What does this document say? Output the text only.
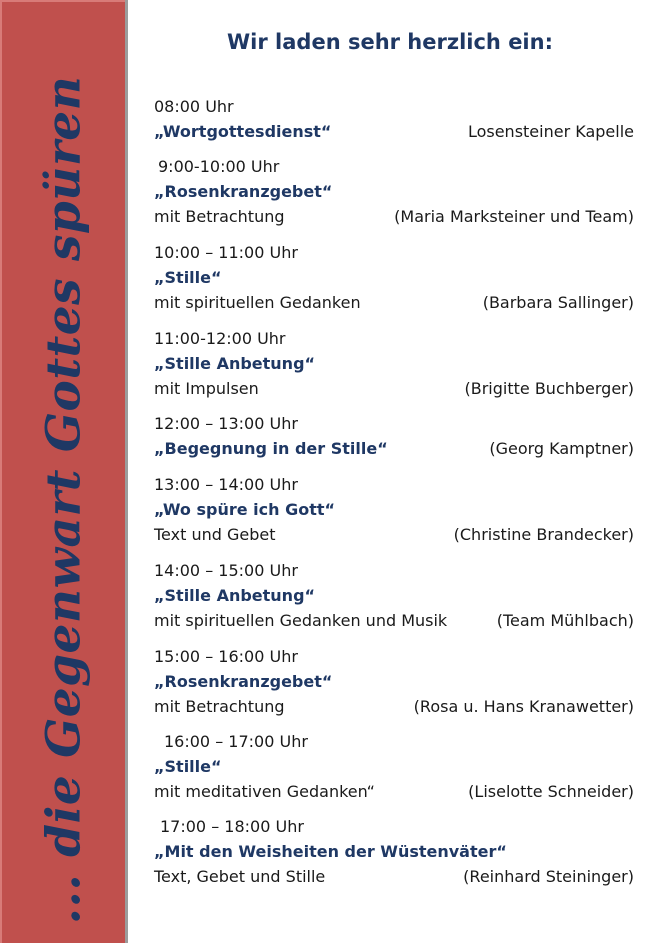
... die Gegenwart Gottes spüren
Wir laden sehr herzlich ein:
08:00 Uhr
„Wortgottesdienst“	Losensteiner Kapelle
9:00-10:00 Uhr
„Rosenkranzgebet“
mit Betrachtung	(Maria Marksteiner und Team)
10:00 – 11:00 Uhr
„Stille“
mit spirituellen Gedanken	(Barbara Sallinger)
11:00-12:00 Uhr
„Stille Anbetung“
mit Impulsen	(Brigitte Buchberger)
12:00 – 13:00 Uhr
„Begegnung in der Stille“	(Georg Kamptner)
13:00 – 14:00 Uhr
„Wo spüre ich Gott“
Text und Gebet	(Christine Brandecker)
14:00 – 15:00 Uhr
„Stille Anbetung“
mit spirituellen Gedanken und Musik	(Team Mühlbach)
15:00 – 16:00 Uhr
„Rosenkranzgebet“
mit Betrachtung	(Rosa u. Hans Kranawetter)
16:00 – 17:00 Uhr
„Stille“
mit meditativen Gedanken“	(Liselotte Schneider)
17:00 – 18:00 Uhr
„Mit den Weisheiten der Wüstenväter“
Text, Gebet und Stille	(Reinhard Steininger)
